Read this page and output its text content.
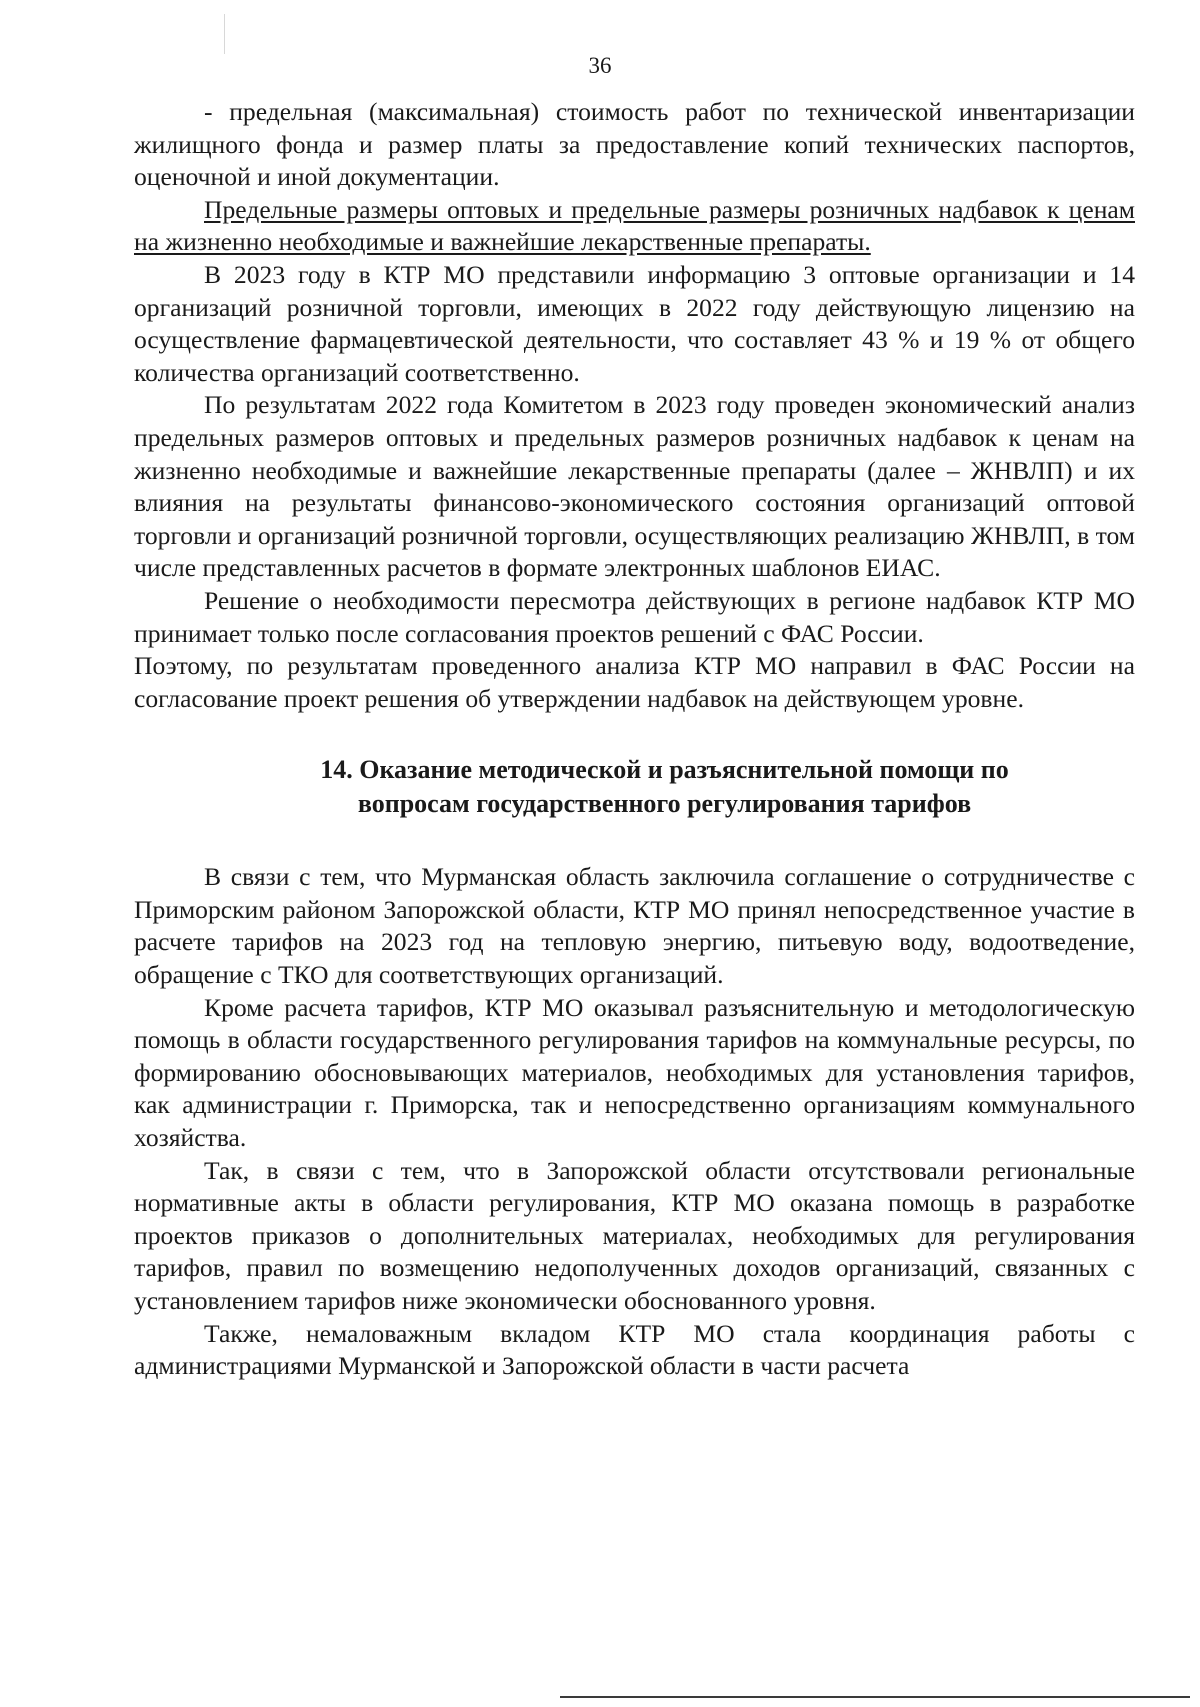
36

- предельная (максимальная) стоимость работ по технической инвентаризации жилищного фонда и размер платы за предоставление копий технических паспортов, оценочной и иной документации.

Предельные размеры оптовых и предельные размеры розничных надбавок к ценам на жизненно необходимые и важнейшие лекарственные препараты.

В 2023 году в КТР МО представили информацию 3 оптовые организации и 14 организаций розничной торговли, имеющих в 2022 году действующую лицензию на осуществление фармацевтической деятельности, что составляет 43 % и 19 % от общего количества организаций соответственно.

По результатам 2022 года Комитетом в 2023 году проведен экономический анализ предельных размеров оптовых и предельных размеров розничных надбавок к ценам на жизненно необходимые и важнейшие лекарственные препараты (далее – ЖНВЛП) и их влияния на результаты финансово-экономического состояния организаций оптовой торговли и организаций розничной торговли, осуществляющих реализацию ЖНВЛП, в том числе представленных расчетов в формате электронных шаблонов ЕИАС.

Решение о необходимости пересмотра действующих в регионе надбавок КТР МО принимает только после согласования проектов решений с ФАС России.

Поэтому, по результатам проведенного анализа КТР МО направил в ФАС России на согласование проект решения об утверждении надбавок на действующем уровне.

14. Оказание методической и разъяснительной помощи по
вопросам государственного регулирования тарифов

В связи с тем, что Мурманская область заключила соглашение о сотрудничестве с Приморским районом Запорожской области, КТР МО принял непосредственное участие в расчете тарифов на 2023 год на тепловую энергию, питьевую воду, водоотведение, обращение с ТКО для соответствующих организаций.

Кроме расчета тарифов, КТР МО оказывал разъяснительную и методологическую помощь в области государственного регулирования тарифов на коммунальные ресурсы, по формированию обосновывающих материалов, необходимых для установления тарифов, как администрации г. Приморска, так и непосредственно организациям коммунального хозяйства.

Так, в связи с тем, что в Запорожской области отсутствовали региональные нормативные акты в области регулирования, КТР МО оказана помощь в разработке проектов приказов о дополнительных материалах, необходимых для регулирования тарифов, правил по возмещению недополученных доходов организаций, связанных с установлением тарифов ниже экономически обоснованного уровня.

Также, немаловажным вкладом КТР МО стала координация работы с администрациями Мурманской и Запорожской области в части расчета
